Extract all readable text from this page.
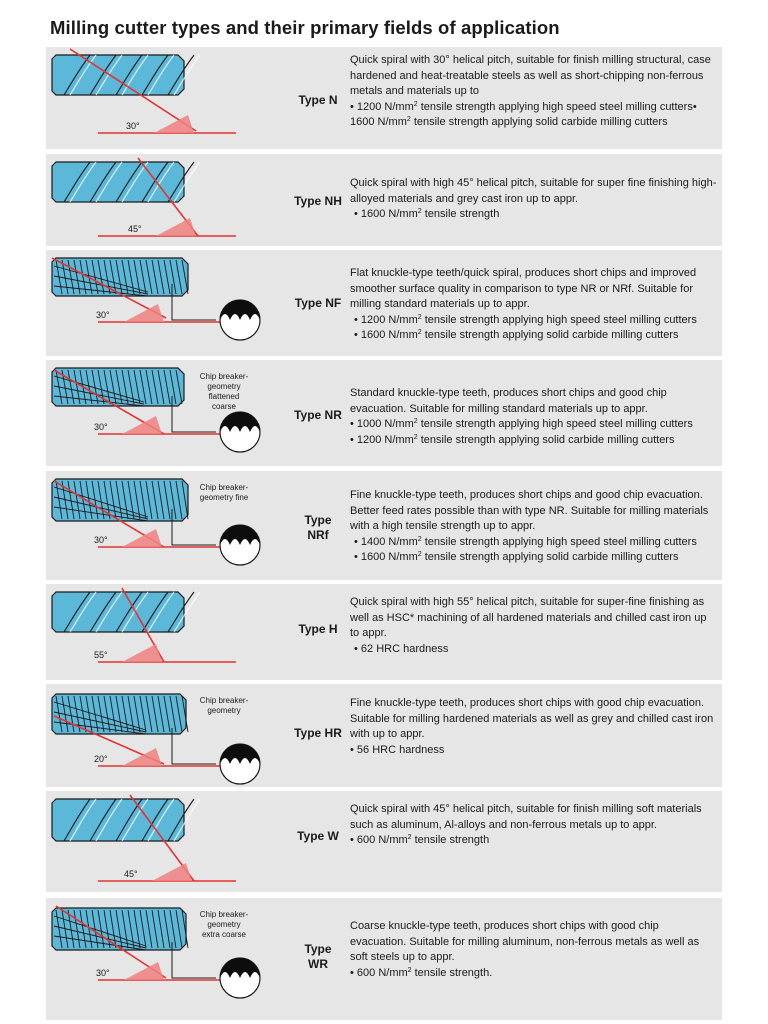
Milling cutter types and their primary fields of application
30°
Type N

Quick spiral with 30° helical pitch, suitable for finish milling structural, case hardened and heat-treatable steels as well as short-chipping non-ferrous metals and materials up to

• 1200 $N/mm^2$ tensile strength applying high speed steel milling cutters• 1600 $N/mm^2$ tensile strength applying solid carbide milling cutters

45°
Type NH

Quick spiral with high 45° helical pitch, suitable for super fine finishing high-alloyed materials and grey cast iron up to appr.

• 1600 $N/mm^2$ tensile strength

30°
Type NF

Flat knuckle-type teeth/quick spiral, produces short chips and improved smoother surface quality in comparison to type NR or NRf. Suitable for milling standard materials up to appr.

• 1200 $N/mm^2$ tensile strength applying high speed steel milling cutters

• 1600 $N/mm^2$ tensile strength applying solid carbide milling cutters

30°
Chip breaker-
geometry
flattened
coarse
Type NR

Standard knuckle-type teeth, produces short chips and good chip evacuation. Suitable for milling standard materials up to appr.

• 1000 $N/mm^2$ tensile strength applying high speed steel milling cutters

• 1200 $N/mm^2$ tensile strength applying solid carbide milling cutters

30°
Chip breaker-
geometry fine
Type NRf

Fine knuckle-type teeth, produces short chips and good chip evacuation. Better feed rates possible than with type NR. Suitable for milling materials with a high tensile strength up to appr.

• 1400 $N/mm^2$ tensile strength applying high speed steel milling cutters

• 1600 $N/mm^2$ tensile strength applying solid carbide milling cutters

55°
Type H

Quick spiral with high 55° helical pitch, suitable for super-fine finishing as well as HSC* machining of all hardened materials and chilled cast iron up to appr.

• 62 HRC hardness

20°
Chip breaker-
geometry
Type HR

Fine knuckle-type teeth, produces short chips with good chip evacuation. Suitable for milling hardened materials as well as grey and chilled cast iron with up to appr.

• 56 HRC hardness

45°
Type W

Quick spiral with 45° helical pitch, suitable for finish milling soft materials such as aluminum, Al-alloys and non-ferrous metals up to appr.

• 600 $N/mm^2$ tensile strength

30°
Chip breaker-
geometry
extra coarse
Type WR

Coarse knuckle-type teeth, produces short chips with good chip evacuation. Suitable for milling aluminum, non-ferrous metals as well as soft steels up to appr.

• 600 $N/mm^2$ tensile strength.
